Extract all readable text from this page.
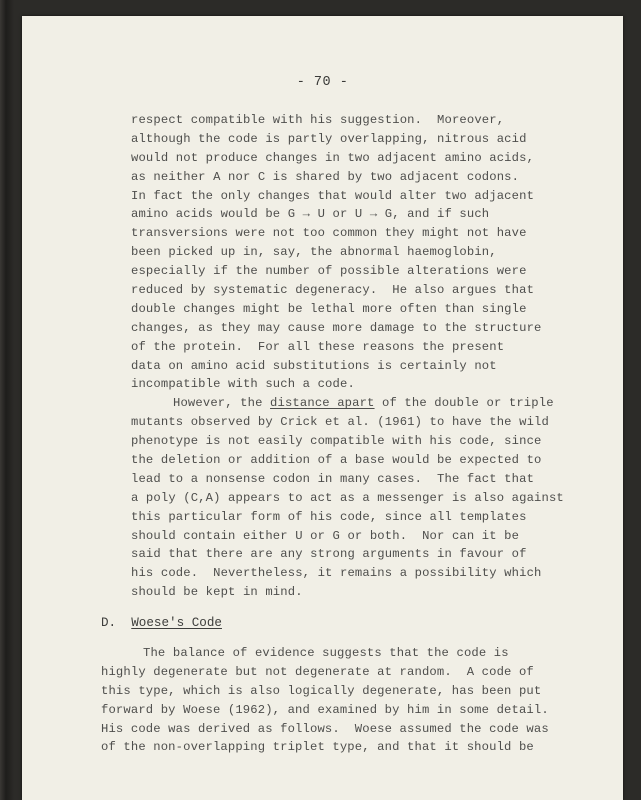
- 70 -
respect compatible with his suggestion.  Moreover,
although the code is partly overlapping, nitrous acid
would not produce changes in two adjacent amino acids,
as neither A nor C is shared by two adjacent codons.
In fact the only changes that would alter two adjacent
amino acids would be G → U or U → G, and if such
transversions were not too common they might not have
been picked up in, say, the abnormal haemoglobin,
especially if the number of possible alterations were
reduced by systematic degeneracy.  He also argues that
double changes might be lethal more often than single
changes, as they may cause more damage to the structure
of the protein.  For all these reasons the present
data on amino acid substitutions is certainly not
incompatible with such a code.
However, the distance apart of the double or triple
mutants observed by Crick et al. (1961) to have the wild
phenotype is not easily compatible with his code, since
the deletion or addition of a base would be expected to
lead to a nonsense codon in many cases.  The fact that
a poly (C,A) appears to act as a messenger is also against
this particular form of his code, since all templates
should contain either U or G or both.  Nor can it be
said that there are any strong arguments in favour of
his code.  Nevertheless, it remains a possibility which
should be kept in mind.
D. Woese's Code
The balance of evidence suggests that the code is
highly degenerate but not degenerate at random.  A code of
this type, which is also logically degenerate, has been put
forward by Woese (1962), and examined by him in some detail.
His code was derived as follows.  Woese assumed the code was
of the non-overlapping triplet type, and that it should be
